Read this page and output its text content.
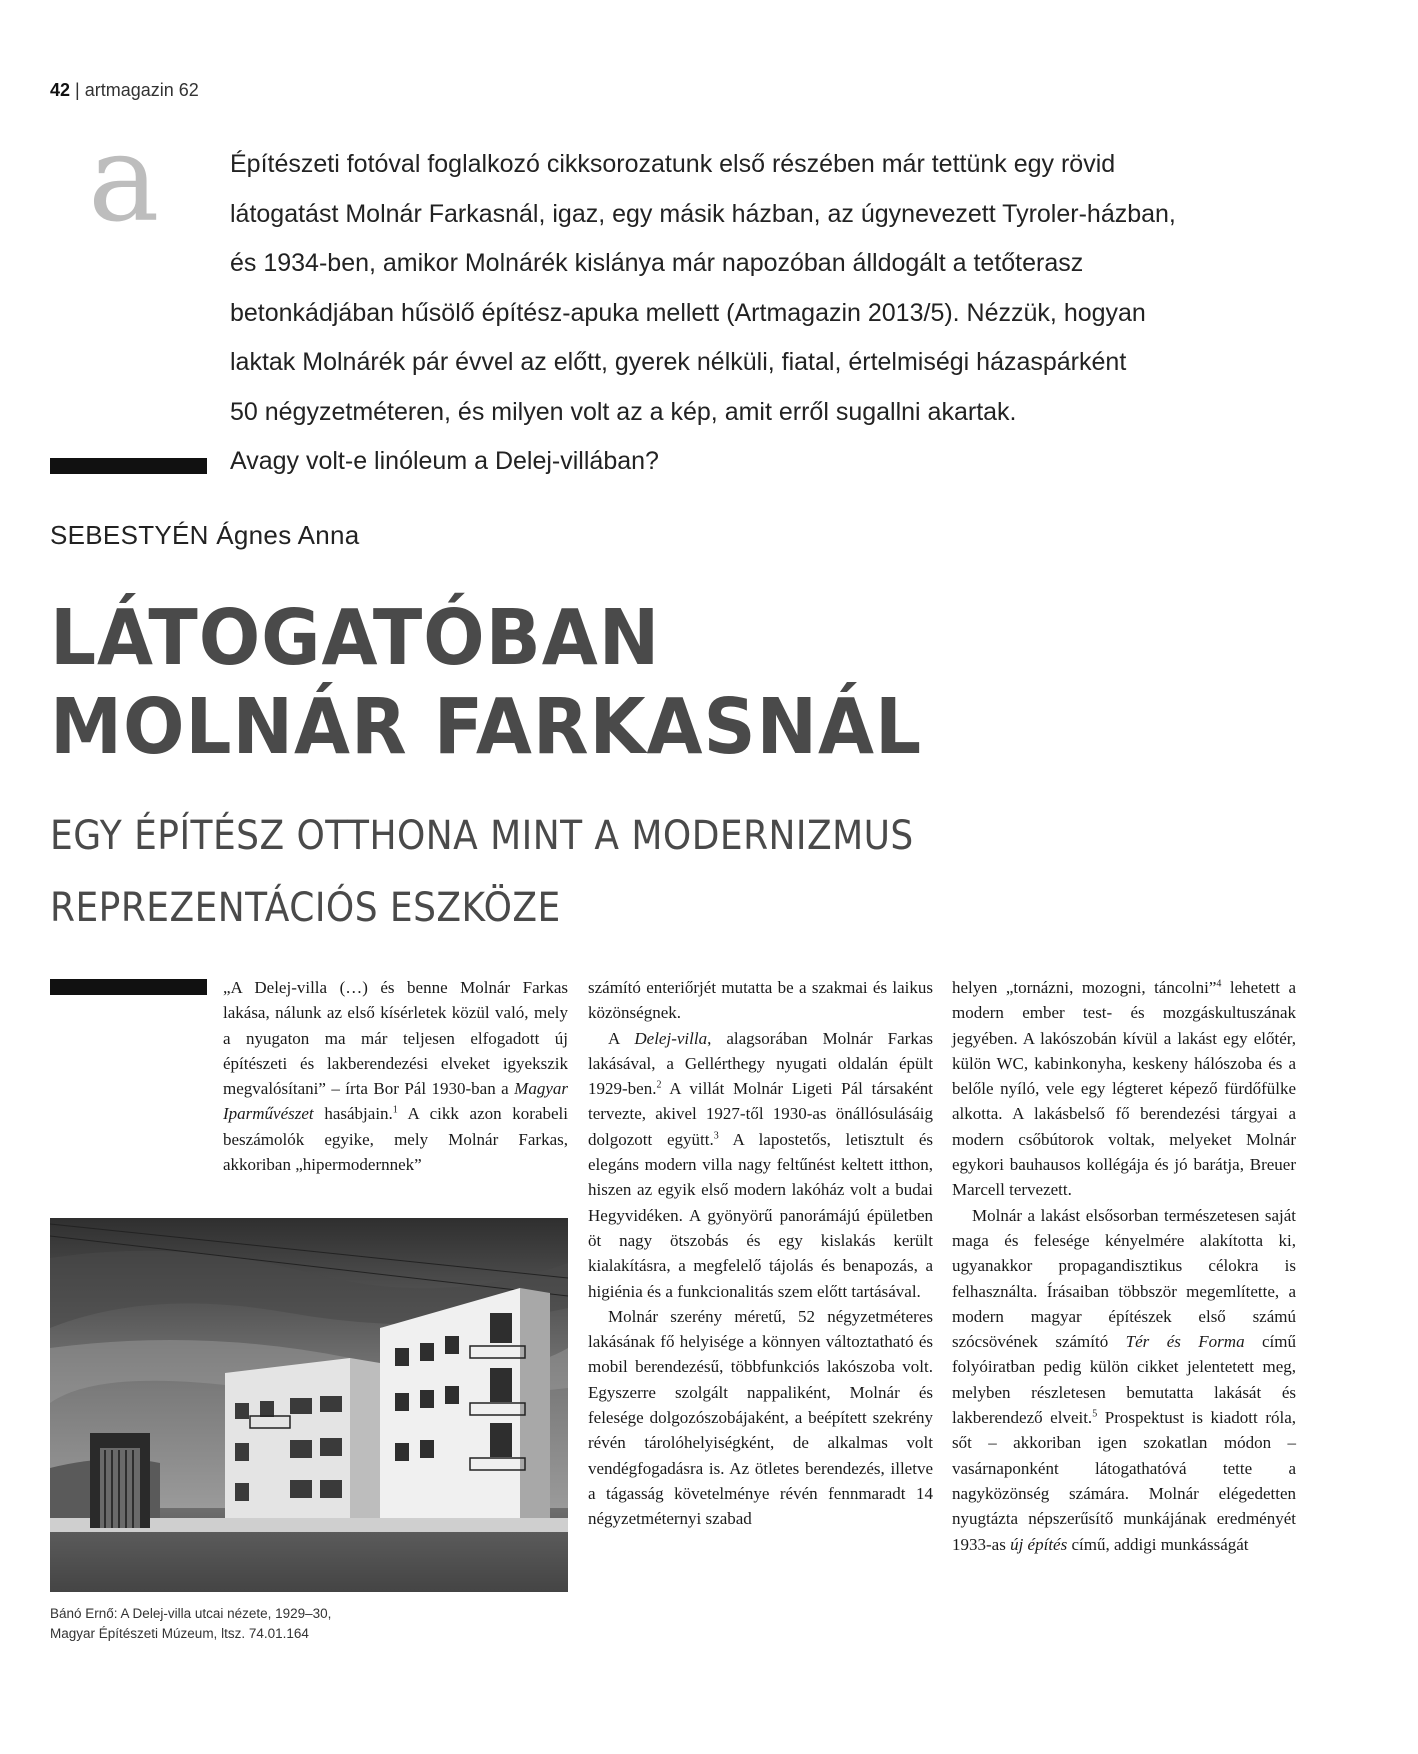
42 | artmagazin 62
a	Építészeti fotóval foglalkozó cikksorozatunk első részében már tettünk egy rövid
látogatást Molnár Farkasnál, igaz, egy másik házban, az úgynevezett Tyroler-házban,
és 1934-ben, amikor Molnárék kislánya már napozóban álldogált a tetőterasz
betonkádjában hűsölő építész-apuka mellett (Artmagazin 2013/5). Nézzük, hogyan
laktak Molnárék pár évvel az előtt, gyerek nélküli, fiatal, értelmiségi házaspárként
50 négyzetméteren, és milyen volt az a kép, amit erről sugallni akartak.
Avagy volt-e linóleum a Delej-villában?
SEBESTYÉN Ágnes Anna
LÁTOGATÓBAN
MOLNÁR FARKASNÁL
EGY ÉPÍTÉSZ OTTHONA MINT A MODERNIZMUS
REPREZENTÁCIÓS ESZKÖZE

„A Delej-villa (…) és benne Molnár Farkas lakása, nálunk az első kísérletek közül való, mely a nyugaton ma már teljesen elfogadott új építészeti és lakberendezési elveket igyekszik megvalósítani” – írta Bor Pál 1930-ban a Magyar Iparművészet hasábjain.$^1$ A cikk azon korabeli beszámolók egyike, mely Molnár Farkas, akkoriban „hipermodernnek”

Bánó Ernő: A Delej-villa utcai nézete, 1929–30,
Magyar Építészeti Múzeum, ltsz. 74.01.164

számító enteriőrjét mutatta be a szakmai és laikus közönségnek.

A Delej-villa, alagsorában Molnár Farkas lakásával, a Gellérthegy nyugati oldalán épült 1929-ben.$^2$ A villát Molnár Ligeti Pál társaként tervezte, akivel 1927-től 1930-as önállósulásáig dolgozott együtt.$^3$ A lapostetős, letisztult és elegáns modern villa nagy feltűnést keltett itthon, hiszen az egyik első modern lakóház volt a budai Hegyvidéken. A gyönyörű panorámájú épületben öt nagy ötszobás és egy kislakás került kialakításra, a megfelelő tájolás és benapozás, a higiénia és a funkcionalitás szem előtt tartásával.

Molnár szerény méretű, 52 négyzetméteres lakásának fő helyisége a könnyen változtatható és mobil berendezésű, többfunkciós lakószoba volt. Egyszerre szolgált nappaliként, Molnár és felesége dolgozószobájaként, a beépített szekrény révén tárolóhelyiségként, de alkalmas volt vendégfogadásra is. Az ötletes berendezés, illetve a tágasság követelménye révén fennmaradt 14 négyzetméternyi szabad

helyen „tornázni, mozogni, táncolni”$^4$ lehetett a modern ember test- és mozgáskultuszának jegyében. A lakószobán kívül a lakást egy előtér, külön WC, kabinkonyha, keskeny hálószoba és a belőle nyíló, vele egy légteret képező fürdőfülke alkotta. A lakásbelső fő berendezési tárgyai a modern csőbútorok voltak, melyeket Molnár egykori bauhausos kollégája és jó barátja, Breuer Marcell tervezett.

Molnár a lakást elsősorban természetesen saját maga és felesége kényelmére alakította ki, ugyanakkor propagandisztikus célokra is felhasználta. Írásaiban többször megemlítette, a modern magyar építészek első számú szócsövének számító Tér és Forma című folyóiratban pedig külön cikket jelentetett meg, melyben részletesen bemutatta lakását és lakberendező elveit.$^5$ Prospektust is kiadott róla, sőt – akkoriban igen szokatlan módon – vasárnaponként látogathatóvá tette a nagyközönség számára. Molnár elégedetten nyugtázta népszerűsítő munkájának eredményét 1933-as új építés című, addigi munkásságát
